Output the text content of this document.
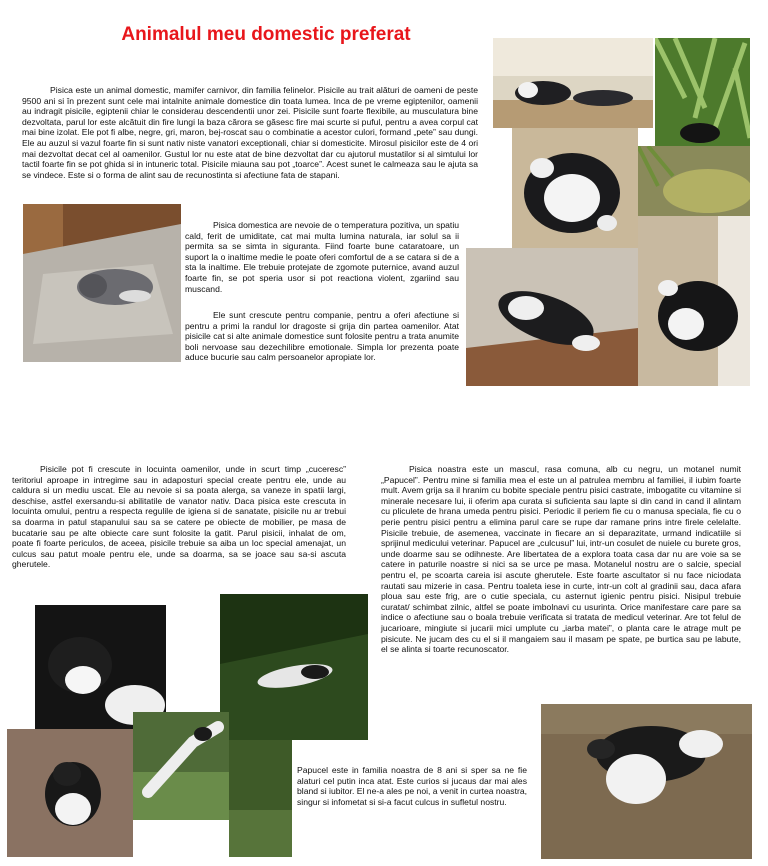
Animalul meu domestic preferat

Pisica este un animal domestic, mamifer carnivor, din familia felinelor. Pisicile au trait alături de oameni de peste 9500 ani si în prezent sunt cele mai intalnite animale domestice din toata lumea. Inca de pe vreme egiptenilor, oamenii au indragit pisicile, egiptenii chiar le considerau descendentii unor zei. Pisicile sunt foarte flexibile, au musculatura bine dezvoltata, parul lor este alcătuit din fire lungi la baza cărora se găsesc fire mai scurte si puful, pentru a avea corpul cat mai bine izolat. Ele pot fi albe, negre, gri, maron, bej-roscat sau o combinatie a acestor culori, formand „pete” sau dungi. Ele au auzul si vazul foarte fin si sunt nativ niste vanatori exceptionali, chiar si domesticite. Mirosul pisicilor este de 4 ori mai dezvoltat decat cel al oamenilor. Gustul lor nu este atat de bine dezvoltat dar cu ajutorul mustatilor si al simtului lor tactil foarte fin se pot ghida si in intuneric total. Pisicile miauna sau pot „toarce”. Acest sunet le calmeaza sau le ajuta sa se vindece. Este si o forma de alint sau de recunostinta si afectiune fata de stapani.

Pisica domestica are nevoie de o temperatura pozitiva, un spatiu cald, ferit de umiditate, cat mai multa lumina naturala, iar solul sa ii permita sa se simta in siguranta. Fiind foarte bune cataratoare, un suport la o inaltime medie le poate oferi comfortul de a se catara si de a sta la inaltime. Ele trebuie protejate de zgomote puternice, avand auzul foarte fin, se pot speria usor si pot reactiona violent, zgariind sau muscand.

Ele sunt crescute pentru companie, pentru a oferi afectiune si pentru a primi la randul lor dragoste si grija din partea oamenilor. Atat pisicile cat si alte animale domestice sunt folosite pentru a trata anumite boli nervoase sau dezechilibre emotionale. Simpla lor prezenta poate aduce bucurie sau calm persoanelor apropiate lor.

Pisicile pot fi crescute in locuinta oamenilor, unde in scurt timp „cuceresc” teritoriul aproape in intregime sau in adaposturi special create pentru ele, unde au caldura si un mediu uscat. Ele au nevoie si sa poata alerga, sa vaneze in spatii largi, deschise, astfel exersandu-si abilitatile de vanator nativ. Daca pisica este crescuta in locuinta omului, pentru a respecta regulile de igiena si de sanatate, pisicile nu ar trebui sa doarma in patul stapanului sau sa se catere pe obiecte de mobilier, pe masa de bucatarie sau pe alte obiecte care sunt folosite la gatit. Parul pisicii, inhalat de om, poate fi foarte periculos, de aceea, pisicile trebuie sa aiba un loc special amenajat, un culcus sau patut moale pentru ele, unde sa doarma, sa se joace sau sa-si ascuta gherutele.

Pisica noastra este un mascul, rasa comuna, alb cu negru, un motanel numit „Papucel”. Pentru mine si familia mea el este un al patrulea membru al familiei, il iubim foarte mult. Avem grija sa il hranim cu bobite speciale pentru pisici castrate, imbogatite cu vitamine si minerale necesare lui, ii oferim apa curata si suficienta sau lapte si din cand in cand il alintam cu pliculete de hrana umeda pentru pisici. Periodic il periem fie cu o manusa speciala, fie cu o perie pentru pisici pentru a elimina parul care se rupe dar ramane prins intre firele celelalte. Pisicile trebuie, de asemenea, vaccinate in fiecare an si deparazitate, urmand indicatiile si sprijinul medicului veterinar. Papucel are „culcusul” lui, intr-un cosulet de nuiele cu burete gros, unde doarme sau se odihneste. Are libertatea de a explora toata casa dar nu are voie sa se catere in paturile noastre si nici sa se urce pe masa. Motanelul nostru are o salcie, special pentru el, pe scoarta careia isi ascute gherutele. Este foarte ascultator si nu face niciodata rautati sau mizerie in casa. Pentru toaleta iese in curte, intr-un colt al gradinii sau, daca afara ploua sau este frig, are o cutie speciala, cu asternut igienic pentru pisici. Nisipul trebuie curatat/ schimbat zilnic, altfel se poate imbolnavi cu usurinta. Orice manifestare care pare sa indice o afectiune sau o boala trebuie verificata si tratata de medicul veterinar. Are tot felul de jucarioare, mingiute si jucarii mici umplute cu „iarba matei”, o planta care le atrage mult pe pisicute. Ne jucam des cu el si il mangaiem sau il masam pe spate, pe burtica sau pe labute, el se alinta si toarte recunoscator.

Papucel este in familia noastra de 8 ani si sper sa ne fie alaturi cel putin inca atat. Este curios si jucaus dar mai ales bland si iubitor. El ne-a ales pe noi, a venit in curtea noastra, singur si infometat si si-a facut culcus in sufletul nostru.
